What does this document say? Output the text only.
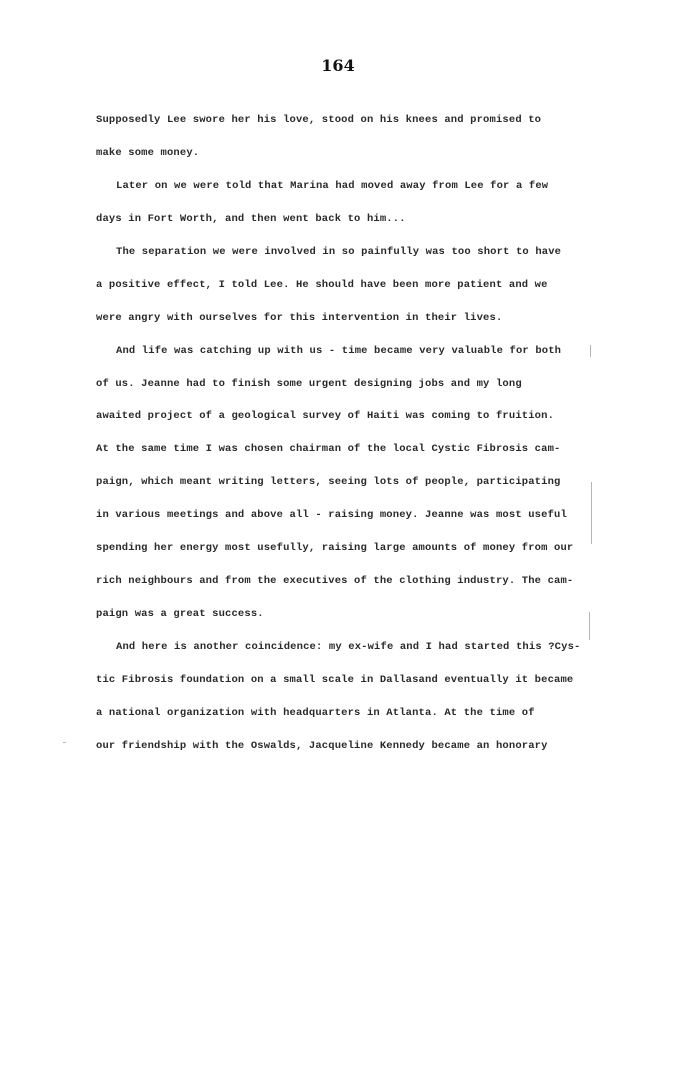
164
Supposedly Lee swore her his love, stood on his knees and promised to
make some money.
Later on we were told that Marina had moved away from Lee for a few
days in Fort Worth, and then went back to him...
The separation we were involved in so painfully was too short to have
a positive effect, I told Lee. He should have been more patient and we
were angry with ourselves for this intervention in their lives.
And life was catching up with us - time became very valuable for both
of us. Jeanne had to finish some urgent designing jobs and my long
awaited project of a geological survey of Haiti was coming to fruition.
At the same time I was chosen chairman of the local Cystic Fibrosis cam-
paign, which meant writing letters, seeing lots of people, participating
in various meetings and above all - raising money. Jeanne was most useful
spending her energy most usefully, raising large amounts of money from our
rich neighbours and from the executives of the clothing industry. The cam-
paign was a great success.
And here is another coincidence: my ex-wife and I had started this ?Cys-
tic Fibrosis foundation on a small scale in Dallasand eventually it became
a national organization with headquarters in Atlanta. At the time of
our friendship with the Oswalds, Jacqueline Kennedy became an honorary
